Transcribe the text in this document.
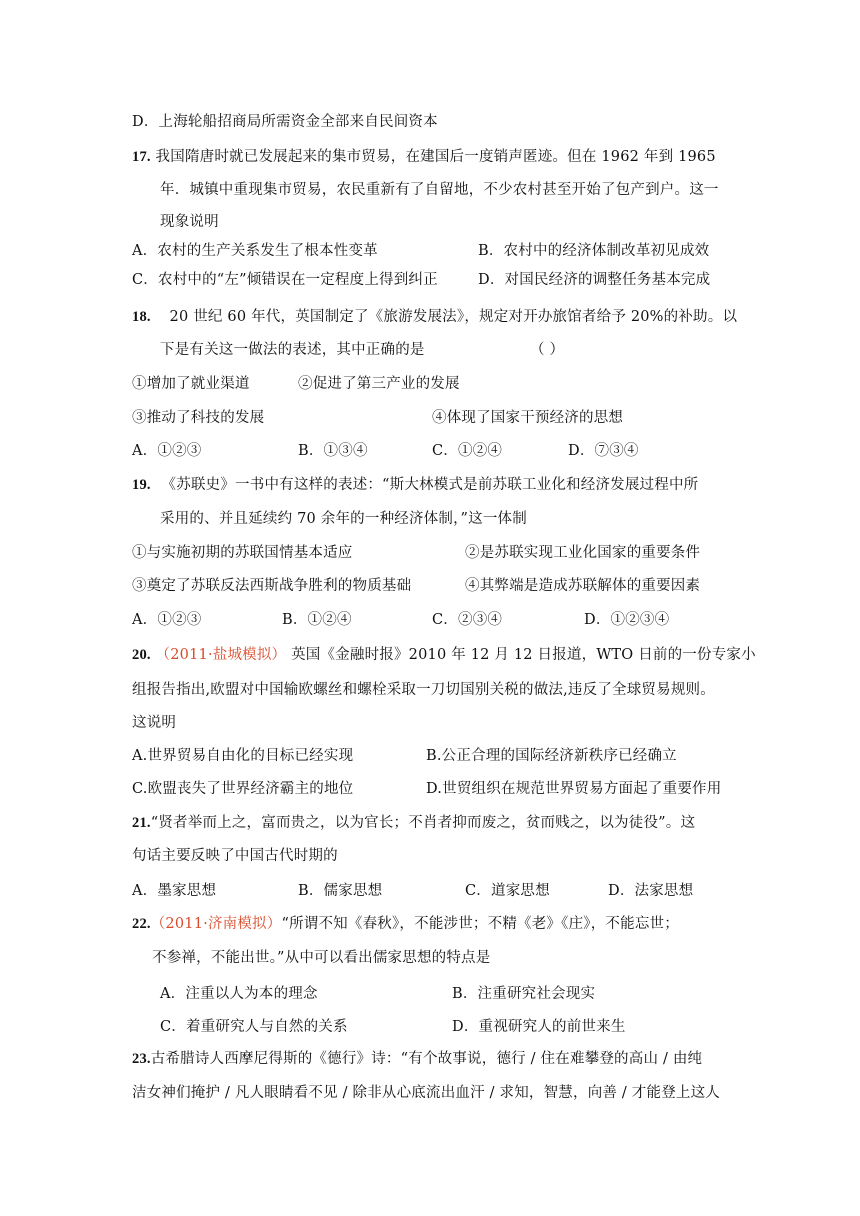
D．上海轮船招商局所需资金全部来自民间资本
17. 我国隋唐时就已发展起来的集市贸易，在建国后一度销声匿迹。但在 1962 年到 1965
年．城镇中重现集市贸易，农民重新有了自留地，不少农村甚至开始了包产到户。这一
现象说明
A．农村的生产关系发生了根本性变革	B．农村中的经济体制改革初见成效
C．农村中的“左”倾错误在一定程度上得到纠正	D．对国民经济的调整任务基本完成
18. 20 世纪 60 年代，英国制定了《旅游发展法》，规定对开办旅馆者给予 20%的补助。以
下是有关这一做法的表述，其中正确的是	（ ）
①增加了就业渠道	②促进了第三产业的发展
③推动了科技的发展	④体现了国家干预经济的思想
A．①②③	B．①③④	C．①②④	D．⑦③④
19. 《苏联史》一书中有这样的表述：“斯大林模式是前苏联工业化和经济发展过程中所
采用的、并且延续约 70 余年的一种经济体制，”这一体制
①与实施初期的苏联国情基本适应	②是苏联实现工业化国家的重要条件
③奠定了苏联反法西斯战争胜利的物质基础	④其弊端是造成苏联解体的重要因素
A．①②③	B．①②④	C．②③④	D．①②③④
20. （2011·盐城模拟） 英国《金融时报》2010 年 12 月 12 日报道，WTO 日前的一份专家小
组报告指出,欧盟对中国输欧螺丝和螺栓采取一刀切国别关税的做法,违反了全球贸易规则。
这说明
A.世界贸易自由化的目标已经实现	B.公正合理的国际经济新秩序已经确立
C.欧盟丧失了世界经济霸主的地位	D.世贸组织在规范世界贸易方面起了重要作用
21.“贤者举而上之，富而贵之，以为官长；不肖者抑而废之，贫而贱之，以为徒役”。这
句话主要反映了中国古代时期的
A．墨家思想	B．儒家思想	C．道家思想	D．法家思想
22.（2011·济南模拟）“所谓不知《春秋》，不能涉世；不精《老》《庄》，不能忘世；
不参禅，不能出世。”从中可以看出儒家思想的特点是
A．注重以人为本的理念	B．注重研究社会现实
C．着重研究人与自然的关系	D．重视研究人的前世来生
23.古希腊诗人西摩尼得斯的《德行》诗：“有个故事说，德行 / 住在难攀登的高山 / 由纯
洁女神们掩护 / 凡人眼睛看不见 / 除非从心底流出血汗 / 求知，智慧，向善 / 才能登上这人
